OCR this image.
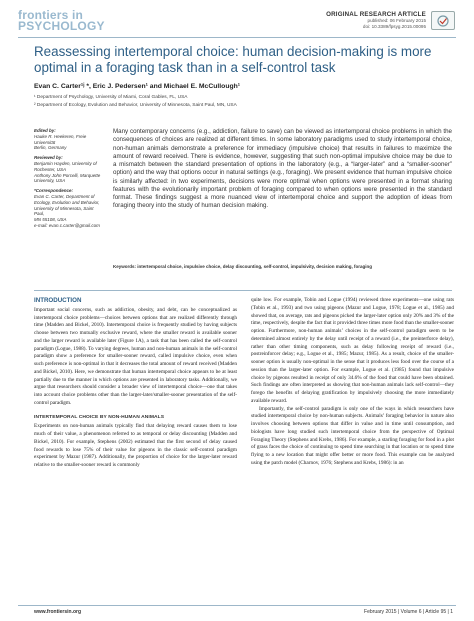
frontiers in
PSYCHOLOGY
ORIGINAL RESEARCH ARTICLE
published: 06 February 2015
doi: 10.3389/fpsyg.2015.00095
Reassessing intertemporal choice: human decision-making is more optimal in a foraging task than in a self-control task
Evan C. Carter¹ʲ *, Eric J. Pedersen¹ and Michael E. McCullough¹
¹ Department of Psychology, University of Miami, Coral Gables, FL, USA
² Department of Ecology, Evolution and Behavior, University of Minnesota, Saint Paul, MN, USA

Edited by:
Hauke R. Heekeren, Freie Universität
Berlin, Germany

Reviewed by:
Benjamin Hayden, University of
Rochester, USA
Anthony John Porcelli, Marquette
University, USA

*Correspondence:
Evan C. Carter, Department of
Ecology, Evolution and Behavior,
University of Minnesota, Saint Paul,
MN 55108, USA
e-mail: evan.c.carter@gmail.com

Many contemporary concerns (e.g., addiction, failure to save) can be viewed as intertemporal choice problems in which the consequences of choices are realized at different times. In some laboratory paradigms used to study intertemporal choice, non-human animals demonstrate a preference for immediacy (impulsive choice) that results in failures to maximize the amount of reward received. There is evidence, however, suggesting that such non-optimal impulsive choice may be due to a mismatch between the standard presentation of options in the laboratory (e.g., a “larger-later” and a “smaller-sooner” option) and the way that options occur in natural settings (e.g., foraging). We present evidence that human impulsive choice is similarly affected: in two experiments, decisions were more optimal when options were presented in a format sharing features with the evolutionarily important problem of foraging compared to when options were presented in the standard format. These findings suggest a more nuanced view of intertemporal choice and support the adoption of ideas from foraging theory into the study of human decision making.

Keywords: intertemporal choice, impulsive choice, delay discounting, self-control, impulsivity, decision making, foraging
INTRODUCTION

Important social concerns, such as addiction, obesity, and debt, can be conceptualized as intertemporal choice problems—choices between options that are realized differently through time (Madden and Bickel, 2010). Intertemporal choice is frequently studied by having subjects choose between two mutually exclusive reward, where the smaller reward is available sooner and the larger reward is available later (Figure 1A), a task that has been called the self-control paradigm (Logue, 1988). To varying degrees, human and non-human animals in the self-control paradigm show a preference for smaller-sooner reward, called impulsive choice, even when such preference is non-optimal in that it decreases the total amount of reward received (Madden and Bickel, 2010). Here, we demonstrate that human intertemporal choice appears to be at least partially due to the manner in which options are presented in laboratory tasks. Additionally, we argue that researchers should consider a broader view of intertemporal choice—one that takes into account choice problems other than the larger-later/smaller-sooner presentation of the self-control paradigm.

INTERTEMPORAL CHOICE BY NON-HUMAN ANIMALS

Experiments on non-human animals typically find that delaying reward causes them to lose much of their value, a phenomenon referred to as temporal or delay discounting (Madden and Bickel, 2010). For example, Stephens (2002) estimated that the first second of delay caused food rewards to lose 75% of their value for pigeons in the classic self-control paradigm experiment by Mazur (1987). Additionally, the proportion of choice for the larger-later reward relative to the smaller-sooner reward is commonly

quite low. For example, Tobin and Logue (1994) reviewed three experiments—one using rats (Tobin et al., 1993) and two using pigeons (Mazur and Logue, 1978; Logue et al., 1985) and showed that, on average, rats and pigeons picked the larger-later option only 20% and 3% of the time, respectively, despite the fact that it provided three times more food than the smaller-sooner option. Furthermore, non-human animals’ choices in the self-control paradigm seem to be determined almost entirely by the delay until receipt of a reward (i.e., the preinterforce delay), rather than other timing components, such as delay following receipt of reward (i.e., postreinforcer delay; e.g., Logue et al., 1985; Mazur, 1985). As a result, choice of the smaller-sooner option is usually non-optimal in the sense that it produces less food over the course of a session than the larger-later option. For example, Logue et al. (1985) found that impulsive choice by pigeons resulted in receipt of only 34.6% of the food that could have been obtained. Such findings are often interpreted as showing that non-human animals lack self-control—they forego the benefits of delaying gratification by impulsively choosing the more immediately available reward.

Importantly, the self-control paradigm is only one of the ways in which researchers have studied intertemporal choice by non-human subjects. Animals’ foraging behavior in nature also involves choosing between options that differ in value and in time until consumption, and biologists have long studied such intertemporal choice from the perspective of Optimal Foraging Theory (Stephens and Krebs, 1986). For example, a starling foraging for food in a plot of grass faces the choice of continuing to spend time searching in that location or to spend time flying to a new location that might offer better or more food. This example can be analyzed using the patch model (Charnov, 1976; Stephens and Krebs, 1986): in an

www.frontiersin.org	February 2015 | Volume 6 | Article 95 | 1
